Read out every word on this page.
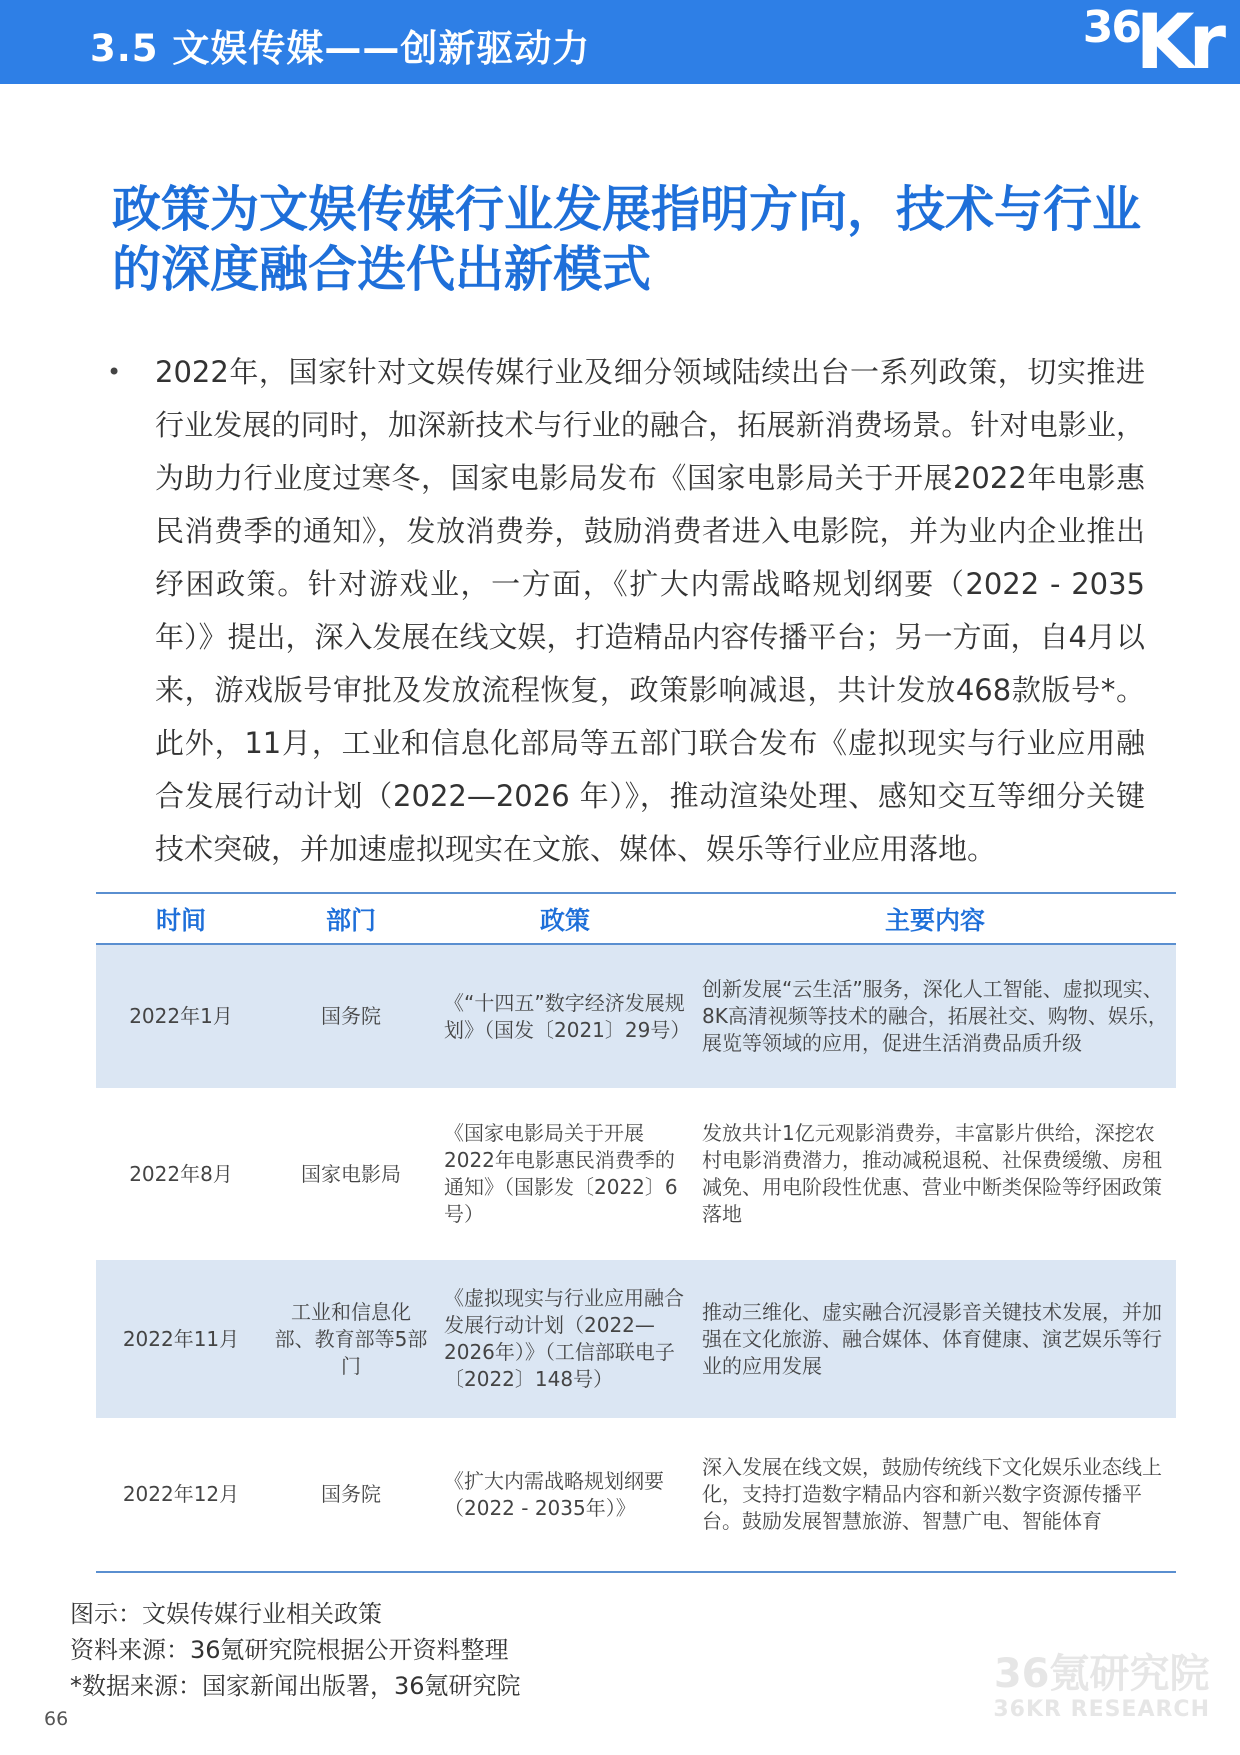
3.5 文娱传媒——创新驱动力	36
Kr
政策为文娱传媒行业发展指明方向，技术与行业的深度融合迭代出新模式
• 2022年，国家针对文娱传媒行业及细分领域陆续出台一系列政策，切实推进行业发展的同时，加深新技术与行业的融合，拓展新消费场景。针对电影业，为助力行业度过寒冬，国家电影局发布《国家电影局关于开展2022年电影惠民消费季的通知》，发放消费券，鼓励消费者进入电影院，并为业内企业推出纾困政策。针对游戏业，一方面，《扩大内需战略规划纲要（2022 - 2035年）》提出，深入发展在线文娱，打造精品内容传播平台；另一方面，自4月以来，游戏版号审批及发放流程恢复，政策影响减退，共计发放468款版号*。此外，11月，工业和信息化部局等五部门联合发布《虚拟现实与行业应用融合发展行动计划（2022—2026 年）》，推动渲染处理、感知交互等细分关键技术突破，并加速虚拟现实在文旅、媒体、娱乐等行业应用落地。

时间	部门	政策	主要内容
2022年1月	国务院	《“十四五”数字经济发展规划》（国发〔2021〕29号）	创新发展“云生活”服务，深化人工智能、虚拟现实、8K高清视频等技术的融合，拓展社交、购物、娱乐，展览等领域的应用，促进生活消费品质升级
2022年8月	国家电影局	《国家电影局关于开展2022年电影惠民消费季的通知》（国影发〔2022〕6号）	发放共计1亿元观影消费券，丰富影片供给，深挖农村电影消费潜力，推动减税退税、社保费缓缴、房租减免、用电阶段性优惠、营业中断类保险等纾困政策落地
2022年11月	工业和信息化部、教育部等5部门	《虚拟现实与行业应用融合发展行动计划（2022—2026年）》（工信部联电子〔2022〕148号）	推动三维化、虚实融合沉浸影音关键技术发展，并加强在文化旅游、融合媒体、体育健康、演艺娱乐等行业的应用发展
2022年12月	国务院	《扩大内需战略规划纲要（2022 - 2035年）》	深入发展在线文娱，鼓励传统线下文化娱乐业态线上化，支持打造数字精品内容和新兴数字资源传播平台。鼓励发展智慧旅游、智慧广电、智能体育
图示：文娱传媒行业相关政策
资料来源：36氪研究院根据公开资料整理
*数据来源：国家新闻出版署，36氪研究院
66
36氪研究院
36KR RESEARCH
